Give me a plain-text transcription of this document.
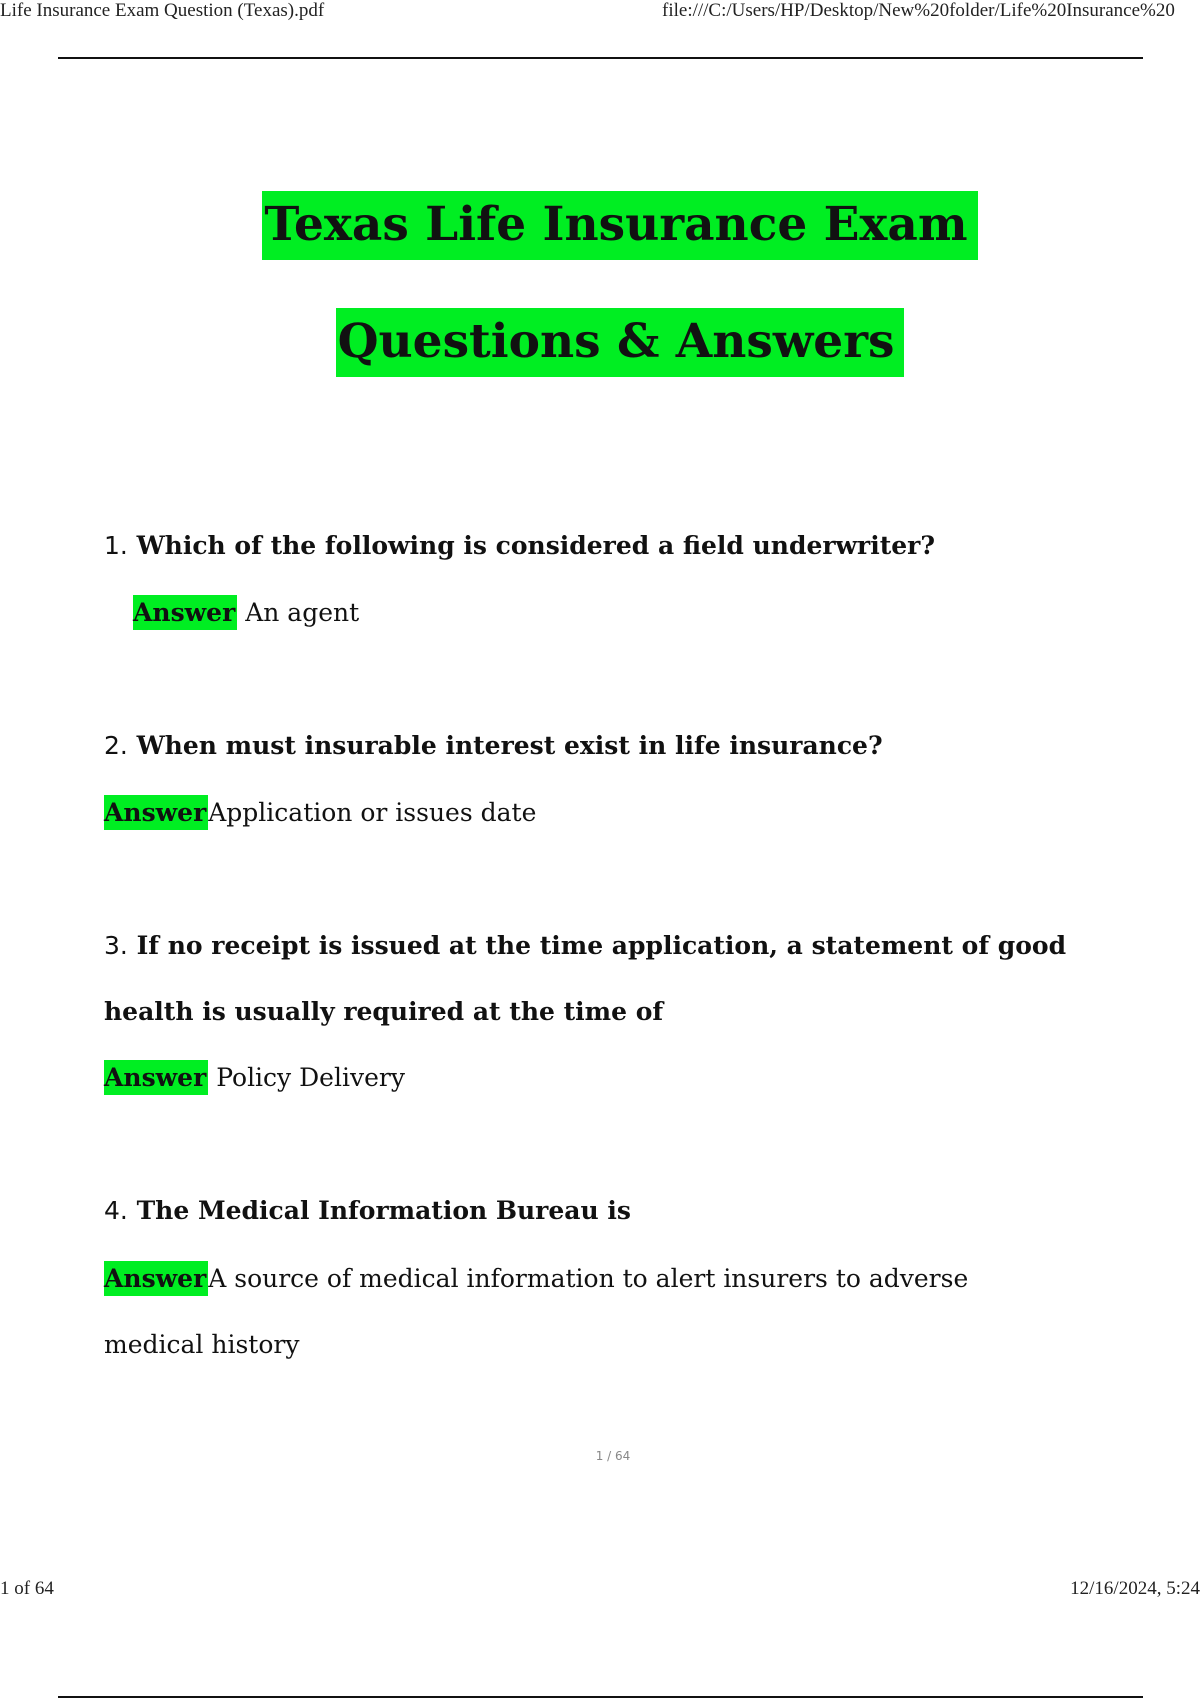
Life Insurance Exam Question (Texas).pdf	file:///C:/Users/HP/Desktop/New%20folder/Life%20Insurance%20
Texas Life Insurance Exam
Questions & Answers
1. Which of the following is considered a field underwriter?
Answer An agent
2. When must insurable interest exist in life insurance?
AnswerApplication or issues date
3. If no receipt is issued at the time application, a statement of good health is usually required at the time of
Answer Policy Delivery
4. The Medical Information Bureau is
AnswerA source of medical information to alert insurers to adverse medical history
1 / 64
1 of 64	12/16/2024, 5:24
